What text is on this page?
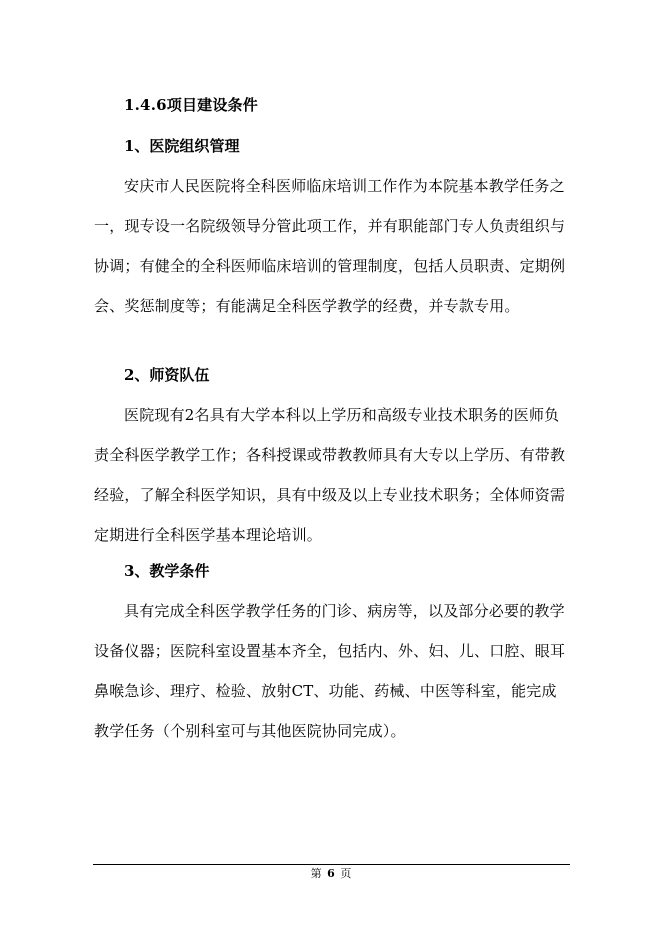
1.4.6项目建设条件
1、医院组织管理

安庆市人民医院将全科医师临床培训工作作为本院基本教学任务之一，现专设一名院级领导分管此项工作，并有职能部门专人负责组织与协调；有健全的全科医师临床培训的管理制度，包括人员职责、定期例会、奖惩制度等；有能满足全科医学教学的经费，并专款专用。

2、师资队伍

医院现有2名具有大学本科以上学历和高级专业技术职务的医师负责全科医学教学工作；各科授课或带教教师具有大专以上学历、有带教经验，了解全科医学知识，具有中级及以上专业技术职务；全体师资需定期进行全科医学基本理论培训。

3、教学条件

具有完成全科医学教学任务的门诊、病房等，以及部分必要的教学设备仪器；医院科室设置基本齐全，包括内、外、妇、儿、口腔、眼耳鼻喉急诊、理疗、检验、放射CT、功能、药械、中医等科室，能完成教学任务（个别科室可与其他医院协同完成）。

第 6 页
